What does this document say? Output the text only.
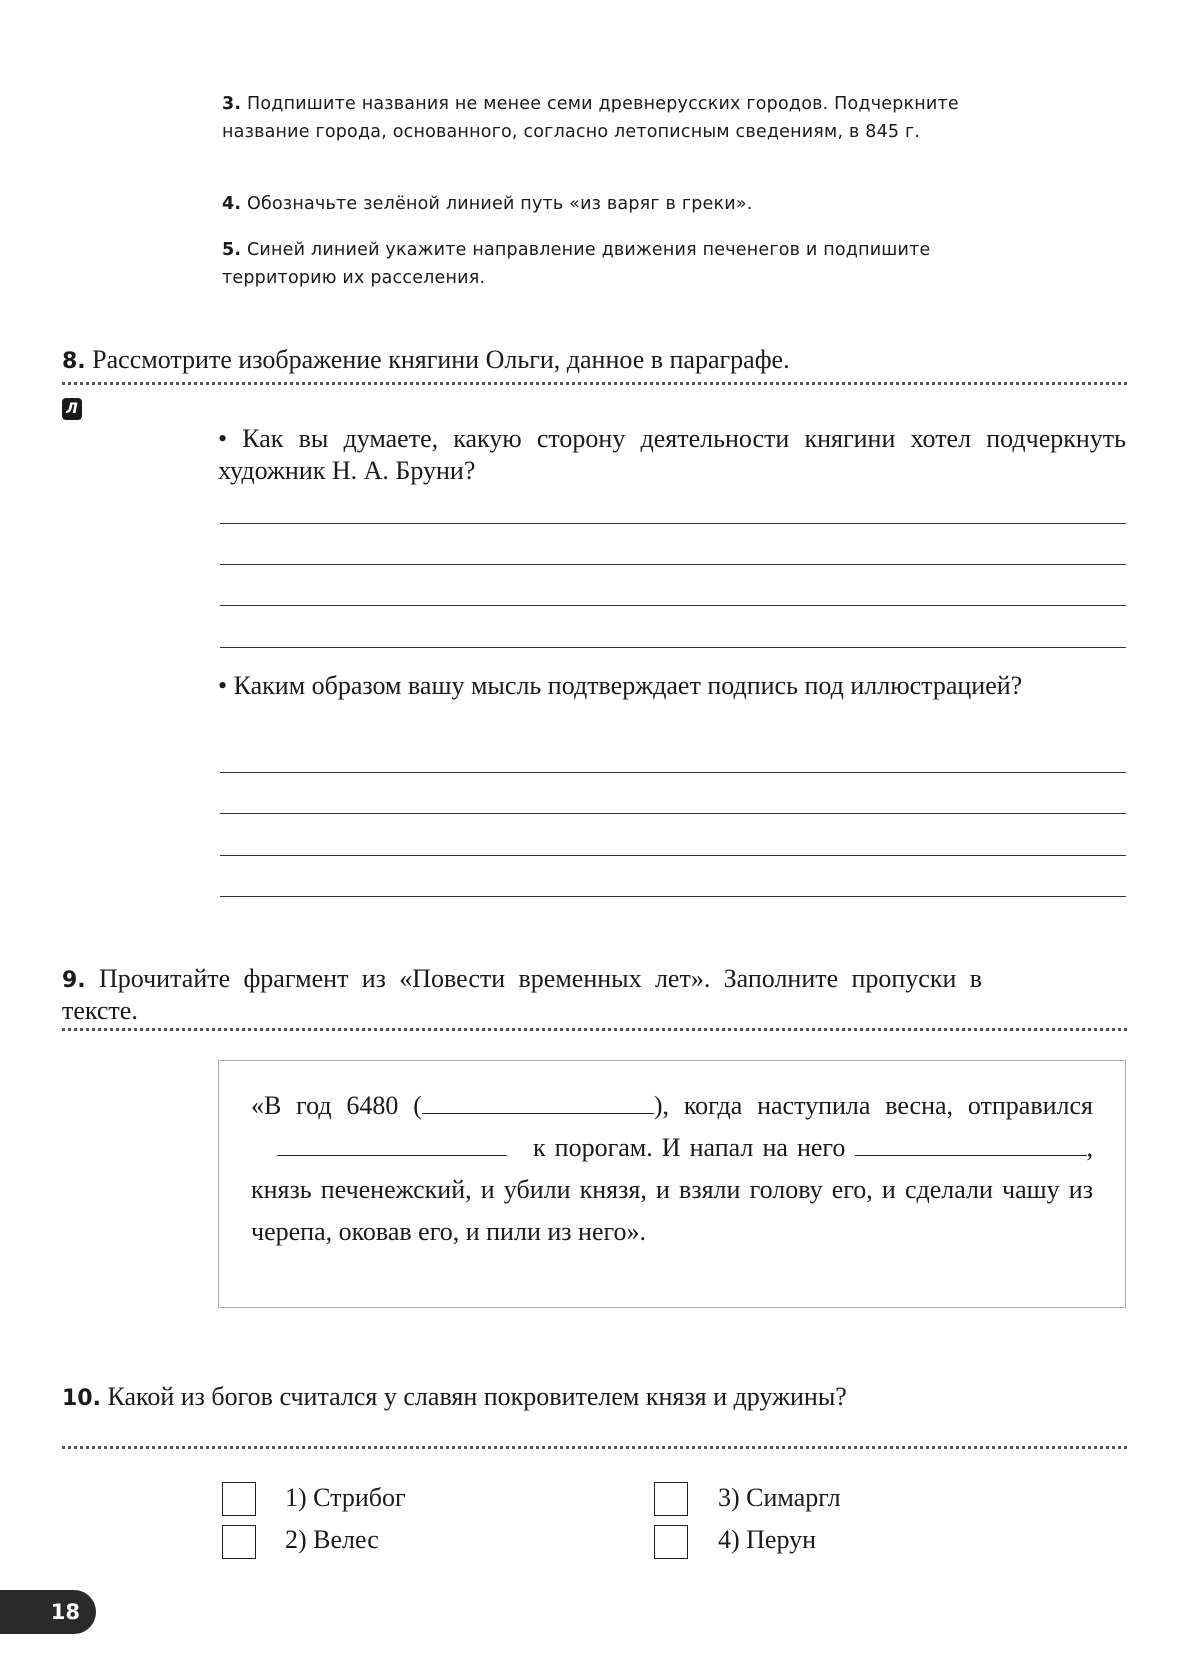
3. Подпишите названия не менее семи древнерусских городов. Подчеркните название города, основанного, согласно летописным сведениям, в 845 г.
4. Обозначьте зелёной линией путь «из варяг в греки».
5. Синей линией укажите направление движения печенегов и подпишите территорию их расселения.
8. Рассмотрите изображение княгини Ольги, данное в параграфе.
Л
• Как вы думаете, какую сторону деятельности княгини хотел подчеркнуть художник Н. А. Бруни?
• Каким образом вашу мысль подтверждает подпись под иллюстрацией?
9. Прочитайте фрагмент из «Повести временных лет». Заполните пропуски в тексте.
«В год 6480 (	), когда наступила весна, отправился к порогам. И напал на него	, князь печенежский, и убили князя, и взяли голову его, и сделали чашу из черепа, оковав его, и пили из него».
10. Какой из богов считался у славян покровителем князя и дружины?
1) Стрибог
2) Велес
3) Симаргл
4) Перун
18
